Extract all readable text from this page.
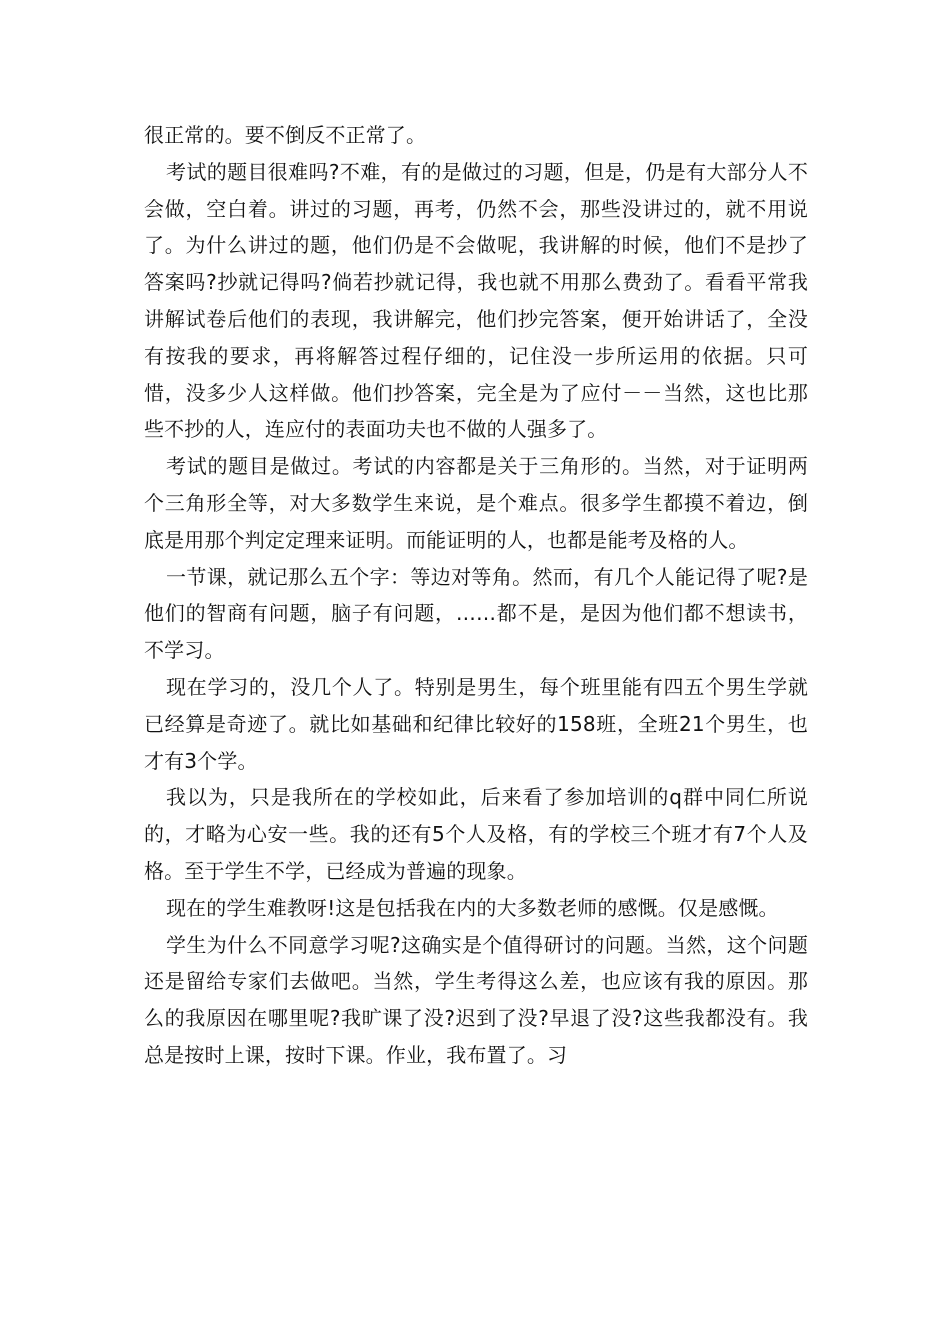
很正常的。要不倒反不正常了。

考试的题目很难吗?不难，有的是做过的习题，但是，仍是有大部分人不会做，空白着。讲过的习题，再考，仍然不会，那些没讲过的，就不用说了。为什么讲过的题，他们仍是不会做呢，我讲解的时候，他们不是抄了答案吗?抄就记得吗?倘若抄就记得，我也就不用那么费劲了。看看平常我讲解试卷后他们的表现，我讲解完，他们抄完答案，便开始讲话了，全没有按我的要求，再将解答过程仔细的，记住没一步所运用的依据。只可惜，没多少人这样做。他们抄答案，完全是为了应付－－当然，这也比那些不抄的人，连应付的表面功夫也不做的人强多了。

考试的题目是做过。考试的内容都是关于三角形的。当然，对于证明两个三角形全等，对大多数学生来说，是个难点。很多学生都摸不着边，倒底是用那个判定定理来证明。而能证明的人，也都是能考及格的人。

一节课，就记那么五个字：等边对等角。然而，有几个人能记得了呢?是他们的智商有问题，脑子有问题，……都不是，是因为他们都不想读书，不学习。

现在学习的，没几个人了。特别是男生，每个班里能有四五个男生学就已经算是奇迹了。就比如基础和纪律比较好的158班，全班21个男生，也才有3个学。

我以为，只是我所在的学校如此，后来看了参加培训的q群中同仁所说的，才略为心安一些。我的还有5个人及格，有的学校三个班才有7个人及格。至于学生不学，已经成为普遍的现象。

现在的学生难教呀!这是包括我在内的大多数老师的感慨。仅是感慨。

学生为什么不同意学习呢?这确实是个值得研讨的问题。当然，这个问题还是留给专家们去做吧。当然，学生考得这么差，也应该有我的原因。那么的我原因在哪里呢?我旷课了没?迟到了没?早退了没?这些我都没有。我总是按时上课，按时下课。作业，我布置了。习
